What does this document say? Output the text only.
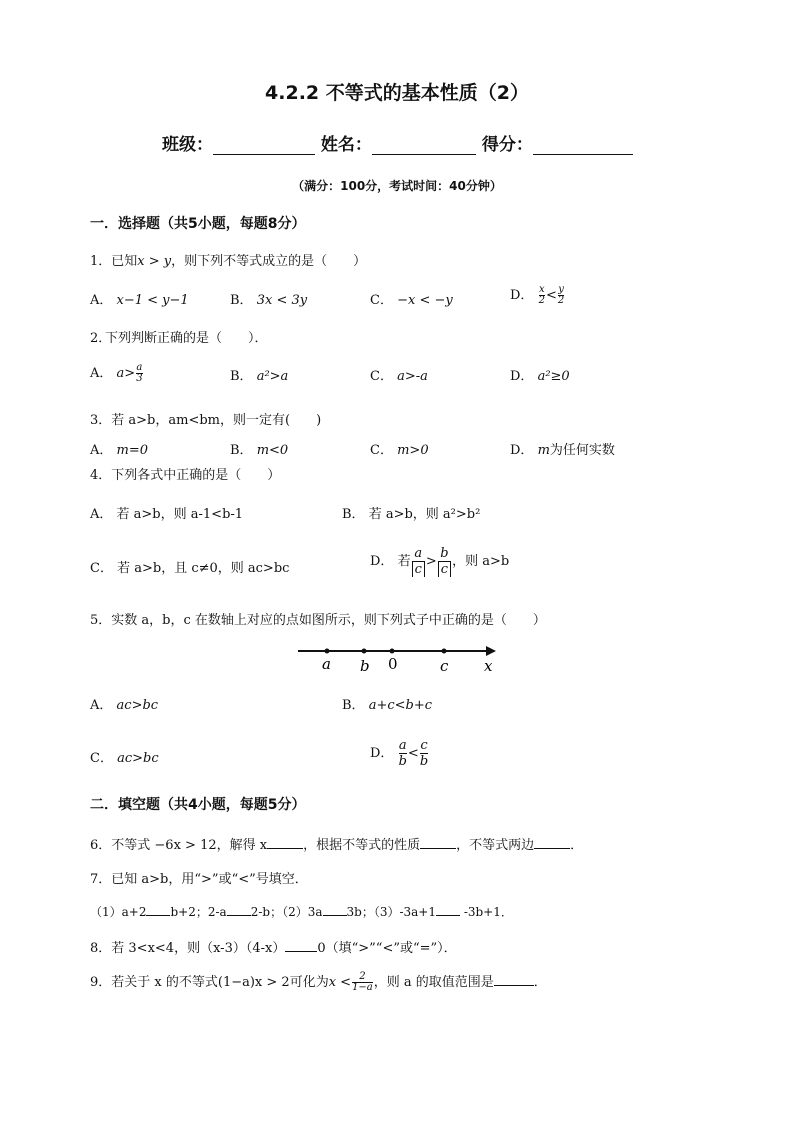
4.2.2 不等式的基本性质（2）
班级：	姓名：	得分：
（满分：100分，考试时间：40分钟）
一．选择题（共5小题，每题8分）
1．已知x > y，则下列不等式成立的是（　　）
A． x−1 < y−1	B． 3x < 3y	C． −x < −y	D． $\frac{x}{2} < \frac{y}{2}$
2．
下列判断正确的是（　　）．
A． $a> \frac{a}{3}$	B． a²>a	C． a>-a	D． a²≥0
3．若 a>b，am<bm，则一定有(　　)
A． m=0	B． m<0	C． m>0	D． m为任何实数
4．下列各式中正确的是（　　）
A． 若 a>b，则 a-1<b-1	B． 若 a>b，则 a²>b²
C． 若 a>b，且 c≠0，则 ac>bc	D． 若 $\frac{a}{c} > \frac{b}{c}$ ，则 a>b
5．实数 a，b，c 在数轴上对应的点如图所示，则下列式子中正确的是（　　）
a b 0	c x
A． ac>bc	B． a+c<b+c
C． ac>bc	D． $\frac{a}{b} < \frac{c}{b}$
二．填空题（共4小题，每题5分）
6．不等式 −6x > 12，解得 x	，根据不等式的性质	，不等式两边	．
7．已知 a>b，用“>”或“<”号填空．
（1）a+2 b+2；2-a 2-b；（2）3a 3b；（3）-3a+1 -3b+1．
8．若 3<x<4，则（x-3）（4-x） 0（填“>”“<”或“=”）．
9．若关于 x 的不等式(1−a)x > 2可化为$x < \frac{2}{1-a}$ ，则 a 的取值范围是	．
